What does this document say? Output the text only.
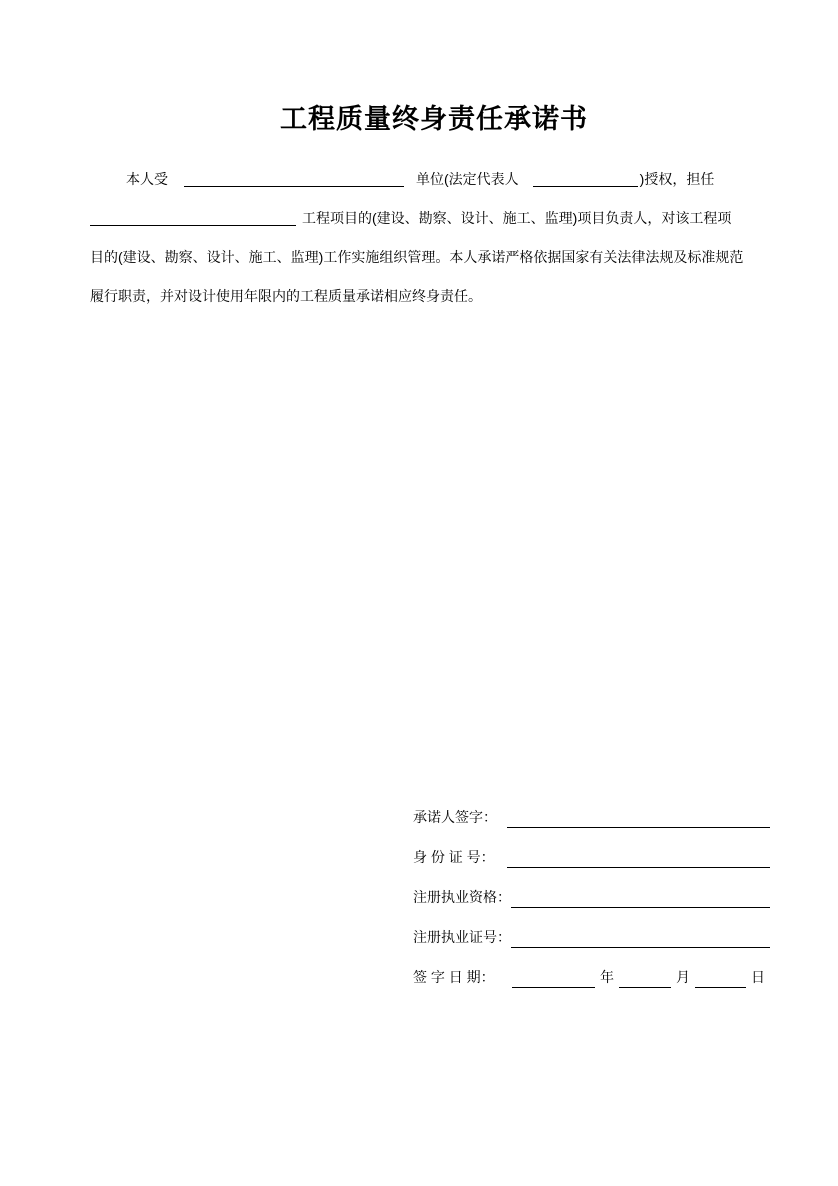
工程质量终身责任承诺书
本人受	单位(法定代表人	)授权，担任
工程项目的(建设、勘察、设计、施工、监理)项目负责人，对该工程项
目的(建设、勘察、设计、施工、监理)工作实施组织管理。本人承诺严格依据国家有关法律法规及标准规范
履行职责，并对设计使用年限内的工程质量承诺相应终身责任。
承诺人签字：
身 份 证 号：
注册执业资格：
注册执业证号：
签 字 日 期：	年	月	日
